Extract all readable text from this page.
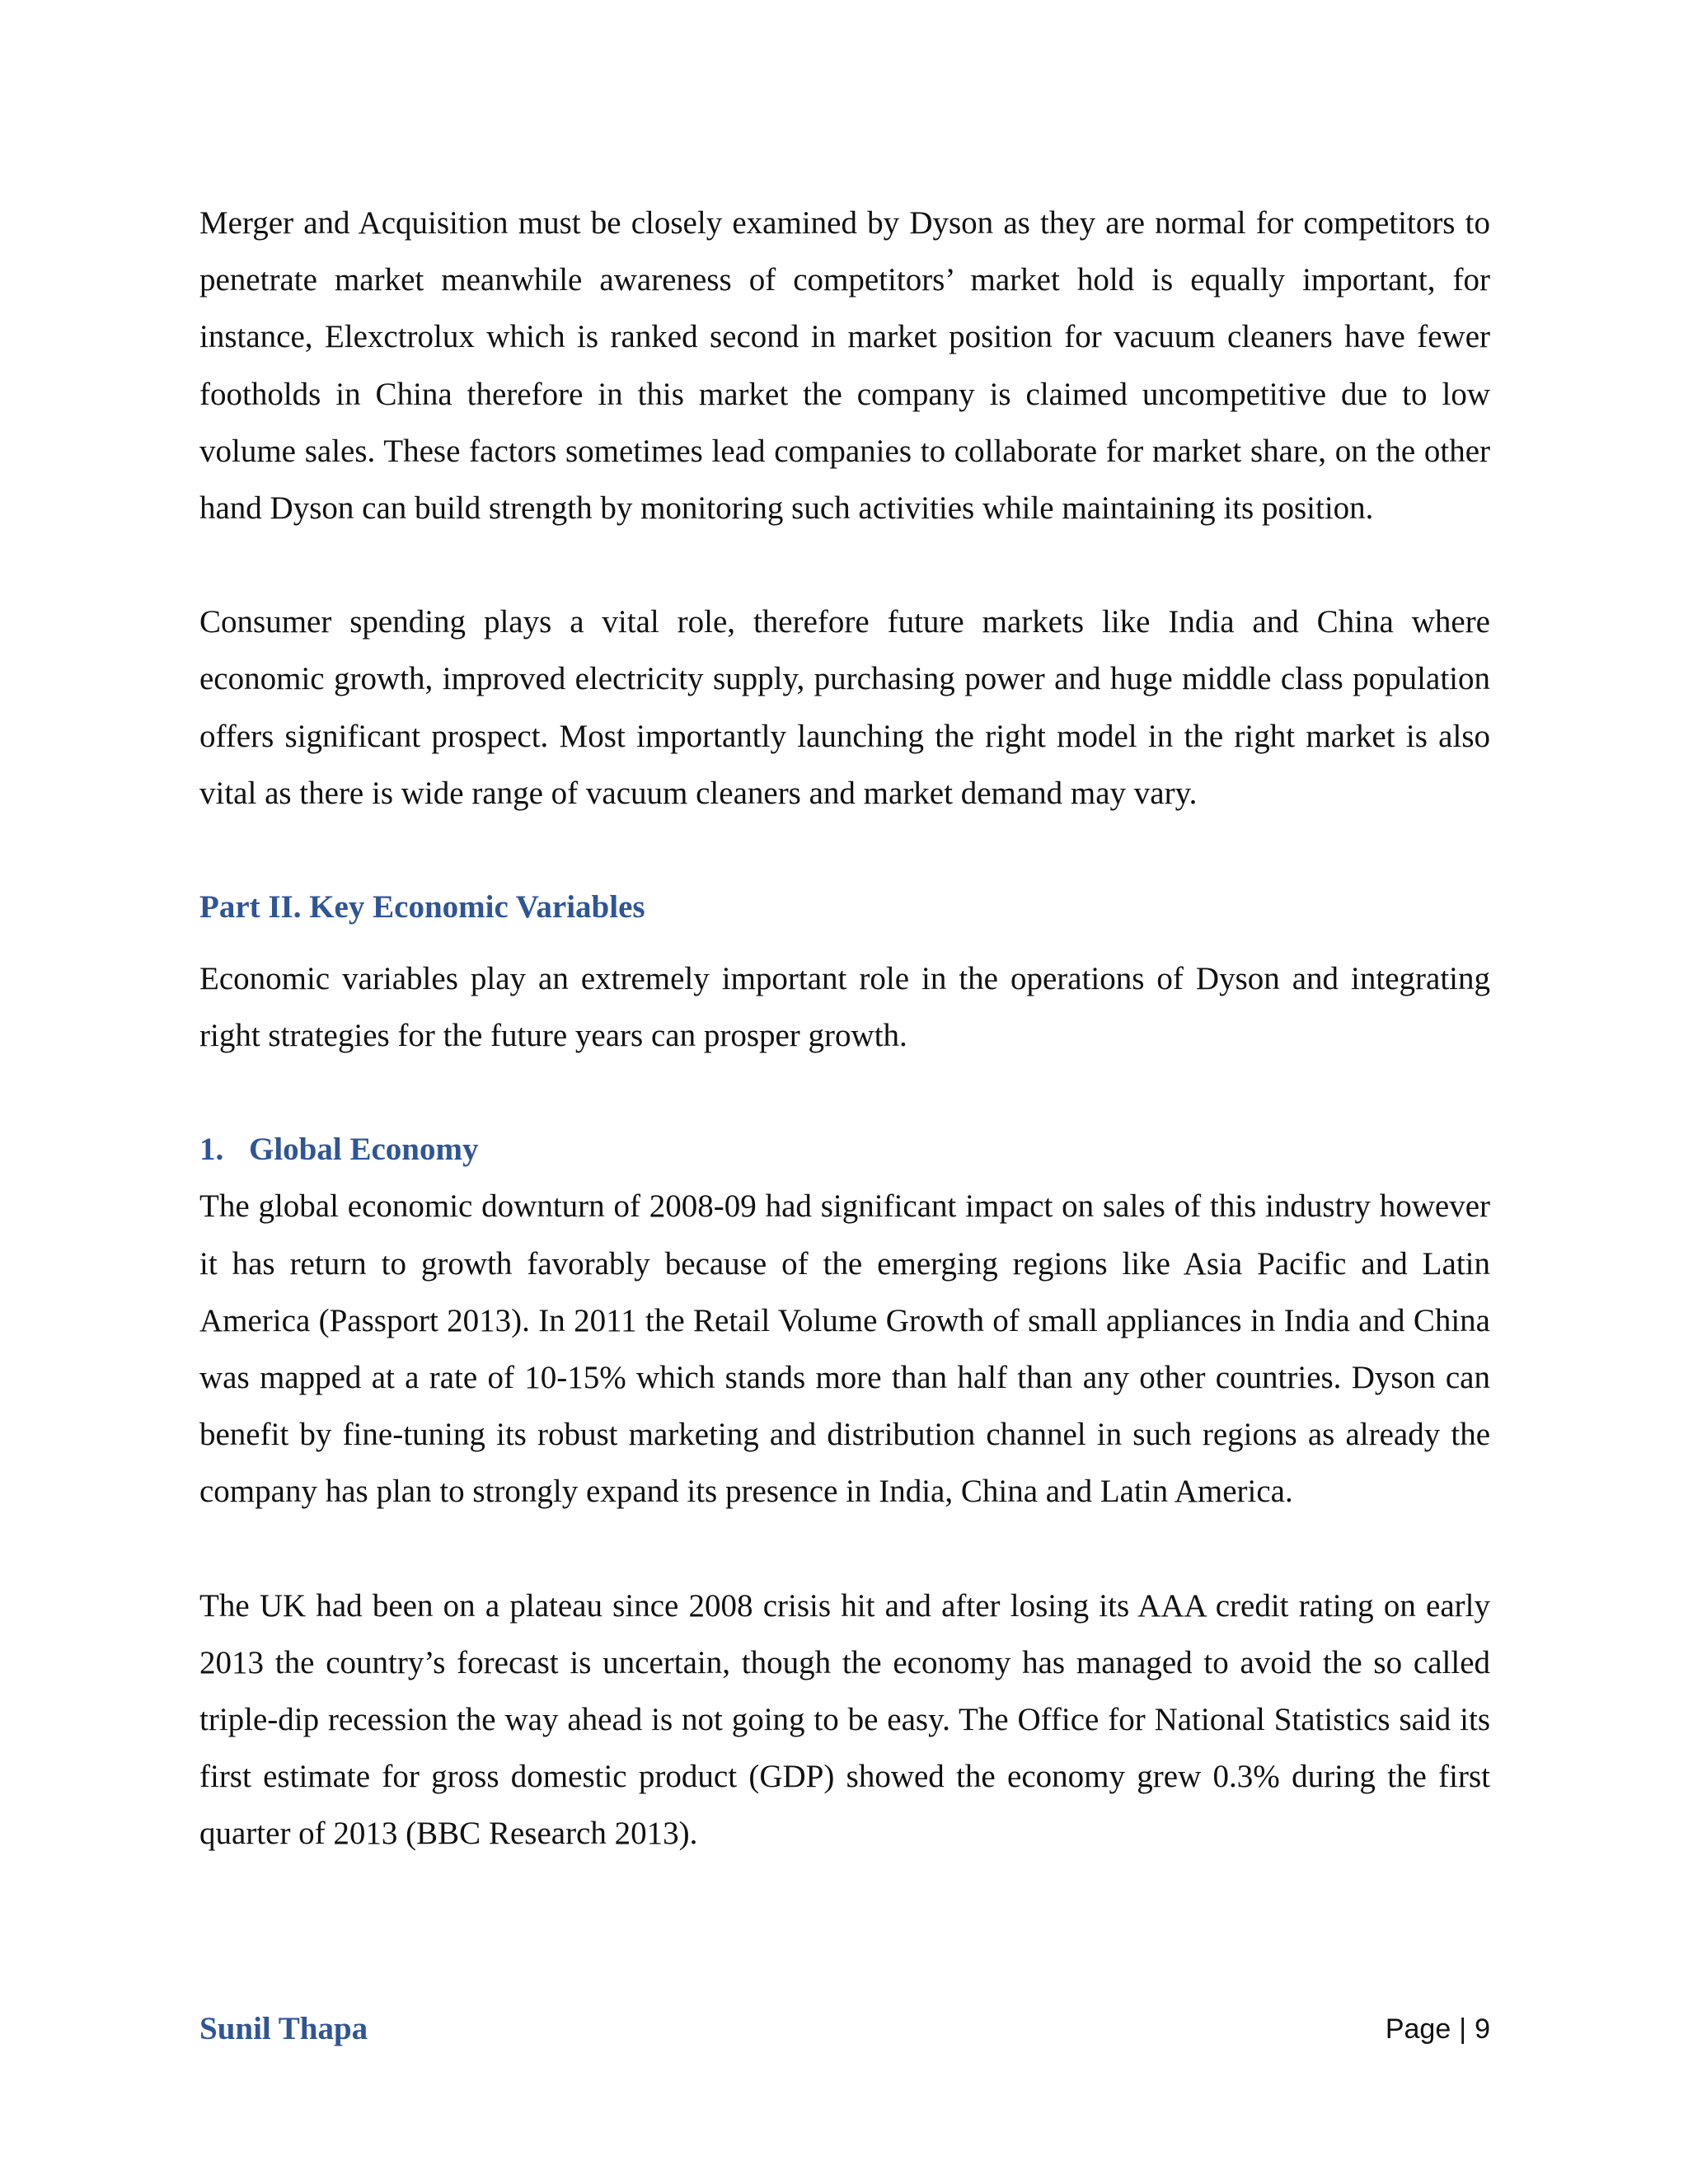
Merger and Acquisition must be closely examined by Dyson as they are normal for competitors to penetrate market meanwhile awareness of competitors’ market hold is equally important, for instance, Elexctrolux which is ranked second in market position for vacuum cleaners have fewer footholds in China therefore in this market the company is claimed uncompetitive due to low volume sales. These factors sometimes lead companies to collaborate for market share, on the other hand Dyson can build strength by monitoring such activities while maintaining its position.

Consumer spending plays a vital role, therefore future markets like India and China where economic growth, improved electricity supply, purchasing power and huge middle class population offers significant prospect. Most importantly launching the right model in the right market is also vital as there is wide range of vacuum cleaners and market demand may vary.

Part II. Key Economic Variables

Economic variables play an extremely important role in the operations of Dyson and integrating right strategies for the future years can prosper growth.

1. Global Economy

The global economic downturn of 2008-09 had significant impact on sales of this industry however it has return to growth favorably because of the emerging regions like Asia Pacific and Latin America (Passport 2013). In 2011 the Retail Volume Growth of small appliances in India and China was mapped at a rate of 10-15% which stands more than half than any other countries. Dyson can benefit by fine-tuning its robust marketing and distribution channel in such regions as already the company has plan to strongly expand its presence in India, China and Latin America.

The UK had been on a plateau since 2008 crisis hit and after losing its AAA credit rating on early 2013 the country’s forecast is uncertain, though the economy has managed to avoid the so called triple-dip recession the way ahead is not going to be easy. The Office for National Statistics said its first estimate for gross domestic product (GDP) showed the economy grew 0.3% during the first quarter of 2013 (BBC Research 2013).

Sunil Thapa	Page | 9
